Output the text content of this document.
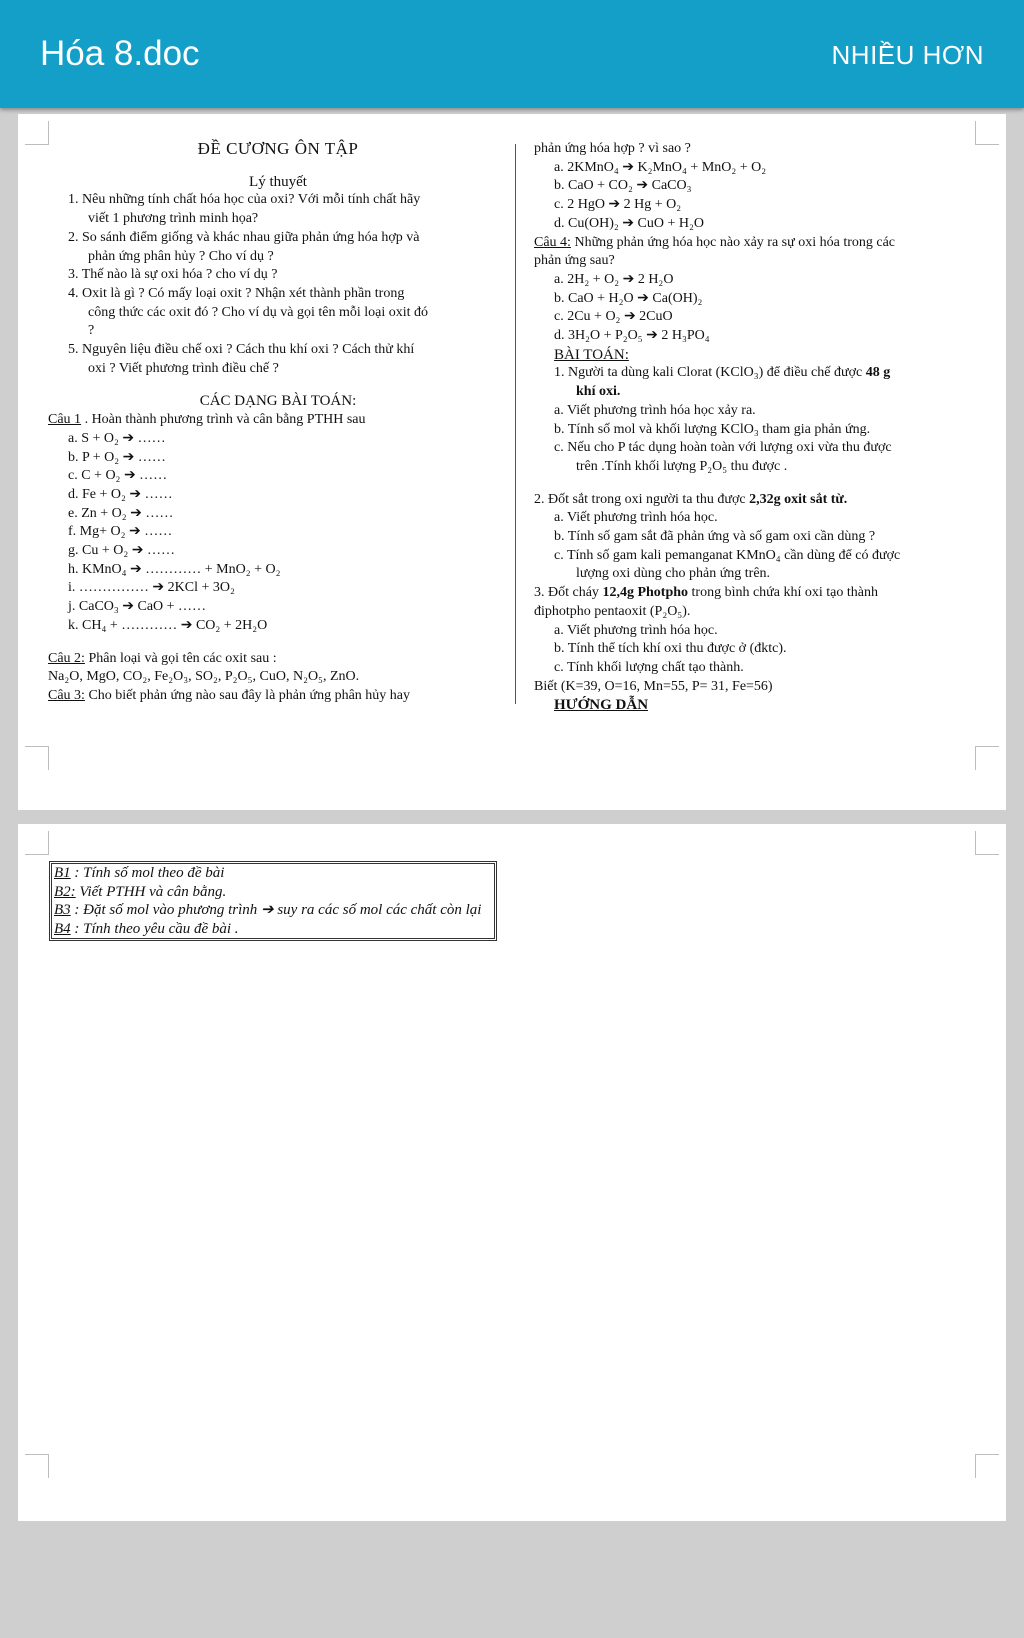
Hóa 8.doc	NHIỀU HƠN
ĐỀ CƯƠNG ÔN TẬP
Lý thuyết
1. Nêu những tính chất hóa học của oxi? Với mỗi tính chất hãy
viết 1 phương trình minh họa?
2. So sánh điểm giống và khác nhau giữa phản ứng hóa hợp và
phản ứng phân hủy ? Cho ví dụ ?
3. Thế nào là sự oxi hóa ? cho ví dụ ?
4. Oxit là gì ? Có mấy loại oxit ? Nhận xét thành phần trong
công thức các oxit đó ? Cho ví dụ và gọi tên mỗi loại oxit đó
?
5. Nguyên liệu điều chế oxi ? Cách thu khí oxi ? Cách thử khí
oxi ? Viết phương trình điều chế ?
CÁC DẠNG BÀI TOÁN:
Câu 1 . Hoàn thành phương trình và cân bằng PTHH sau
a. S + O₂ ➔ ……
b. P + O₂ ➔ ……
c. C + O₂ ➔ ……
d. Fe + O₂ ➔ ……
e. Zn + O₂ ➔ ……
f. Mg+ O₂ ➔ ……
g. Cu + O₂ ➔ ……
h. KMnO₄ ➔ ………… + MnO₂ + O₂
i. …………… ➔ 2KCl + 3O₂
j. CaCO₃ ➔ CaO + ……
k. CH₄ + ………… ➔ CO₂ + 2H₂O
Câu 2: Phân loại và gọi tên các oxit sau :
Na₂O, MgO, CO₂, Fe₂O₃, SO₂, P₂O₅, CuO, N₂O₅, ZnO.
Câu 3: Cho biết phản ứng nào sau đây là phản ứng phân hủy hay
phản ứng hóa hợp ? vì sao ?
a. 2KMnO₄ ➔ K₂MnO₄ + MnO₂ + O₂
b. CaO + CO₂ ➔ CaCO₃
c. 2 HgO ➔ 2 Hg + O₂
d. Cu(OH)₂ ➔ CuO + H₂O
Câu 4: Những phản ứng hóa học nào xảy ra sự oxi hóa trong các
phản ứng sau?
a. 2H₂ + O₂ ➔ 2 H₂O
b. CaO + H₂O ➔ Ca(OH)₂
c. 2Cu + O₂ ➔ 2CuO
d. 3H₂O + P₂O₅ ➔ 2 H₃PO₄
BÀI TOÁN:
1. Người ta dùng kali Clorat (KClO₃) để điều chế được 48 g
khí oxi.
a. Viết phương trình hóa học xảy ra.
b. Tính số mol và khối lượng KClO₃ tham gia phản ứng.
c. Nếu cho P tác dụng hoàn toàn với lượng oxi vừa thu được
trên .Tính khối lượng P₂O₅ thu được .
2. Đốt sắt trong oxi người ta thu được 2,32g oxit sắt từ.
a. Viết phương trình hóa học.
b. Tính số gam sắt đã phản ứng và số gam oxi cần dùng ?
c. Tính số gam kali pemanganat KMnO₄ cần dùng để có được
lượng oxi dùng cho phản ứng trên.
3. Đốt cháy 12,4g Photpho trong bình chứa khí oxi tạo thành
điphotpho pentaoxit (P₂O₅).
a. Viết phương trình hóa học.
b. Tính thể tích khí oxi thu được ở (đktc).
c. Tính khối lượng chất tạo thành.
Biết (K=39, O=16, Mn=55, P= 31, Fe=56)
HƯỚNG DẪN
B1 : Tính số mol theo đề bài
B2: Viết PTHH và cân bằng.
B3 : Đặt số mol vào phương trình ➔ suy ra các số mol các chất còn lại
B4 : Tính theo yêu cầu đề bài .
